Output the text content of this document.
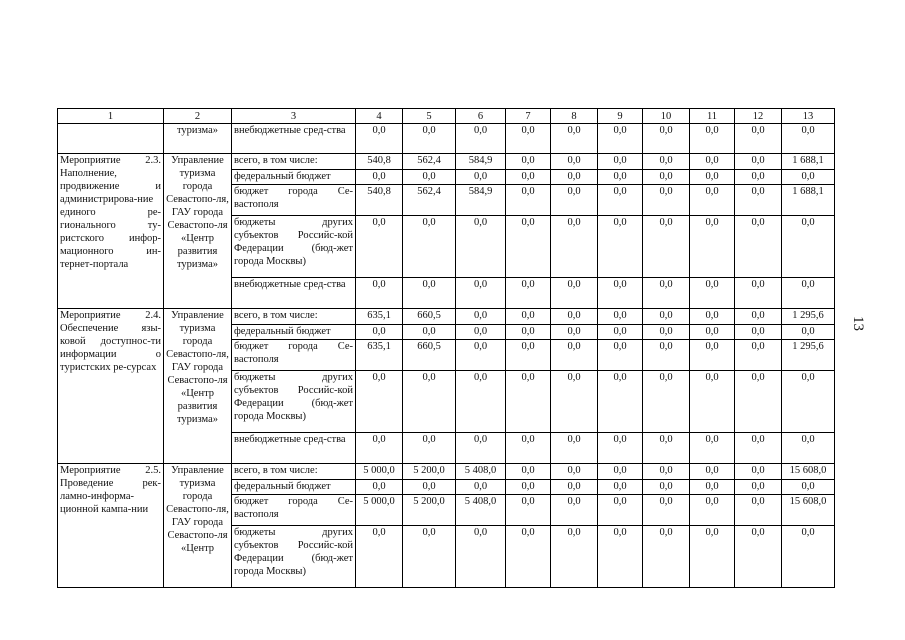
13
1	2	3	4	5	6	7	8	9	10	11	12	13
	туризма»	внебюджетные сред-ства	0,0	0,0	0,0	0,0	0,0	0,0	0,0	0,0	0,0	0,0
Мероприятие 2.3. Наполнение, продвижение и администрирова-ние единого ре-гионального ту-ристского инфор-мационного ин-тернет-портала	Управление туризма города Севастопо-ля, ГАУ города Севастопо-ля «Центр развития туризма»	всего, в том числе:	540,8	562,4	584,9	0,0	0,0	0,0	0,0	0,0	0,0	1 688,1
		федеральный бюджет	0,0	0,0	0,0	0,0	0,0	0,0	0,0	0,0	0,0	0,0
		бюджет города Се-вастополя	540,8	562,4	584,9	0,0	0,0	0,0	0,0	0,0	0,0	1 688,1
		бюджеты других субъектов Российс-кой Федерации (бюд-жет города Москвы)	0,0	0,0	0,0	0,0	0,0	0,0	0,0	0,0	0,0	0,0
		внебюджетные сред-ства	0,0	0,0	0,0	0,0	0,0	0,0	0,0	0,0	0,0	0,0
Мероприятие 2.4. Обеспечение язы-ковой доступнос-ти информации о туристских ре-сурсах	Управление туризма города Севастопо-ля, ГАУ города Севастопо-ля «Центр развития туризма»	всего, в том числе:	635,1	660,5	0,0	0,0	0,0	0,0	0,0	0,0	0,0	1 295,6
		федеральный бюджет	0,0	0,0	0,0	0,0	0,0	0,0	0,0	0,0	0,0	0,0
		бюджет города Се-вастополя	635,1	660,5	0,0	0,0	0,0	0,0	0,0	0,0	0,0	1 295,6
		бюджеты других субъектов Российс-кой Федерации (бюд-жет города Москвы)	0,0	0,0	0,0	0,0	0,0	0,0	0,0	0,0	0,0	0,0
		внебюджетные сред-ства	0,0	0,0	0,0	0,0	0,0	0,0	0,0	0,0	0,0	0,0
Мероприятие 2.5. Проведение рек-ламно-информа-ционной кампа-нии	Управление туризма города Севастопо-ля, ГАУ города Севастопо-ля «Центр	всего, в том числе:	5 000,0	5 200,0	5 408,0	0,0	0,0	0,0	0,0	0,0	0,0	15 608,0
		федеральный бюджет	0,0	0,0	0,0	0,0	0,0	0,0	0,0	0,0	0,0	0,0
		бюджет города Се-вастополя	5 000,0	5 200,0	5 408,0	0,0	0,0	0,0	0,0	0,0	0,0	15 608,0
		бюджеты других субъектов Российс-кой Федерации (бюд-жет города Москвы)	0,0	0,0	0,0	0,0	0,0	0,0	0,0	0,0	0,0	0,0
